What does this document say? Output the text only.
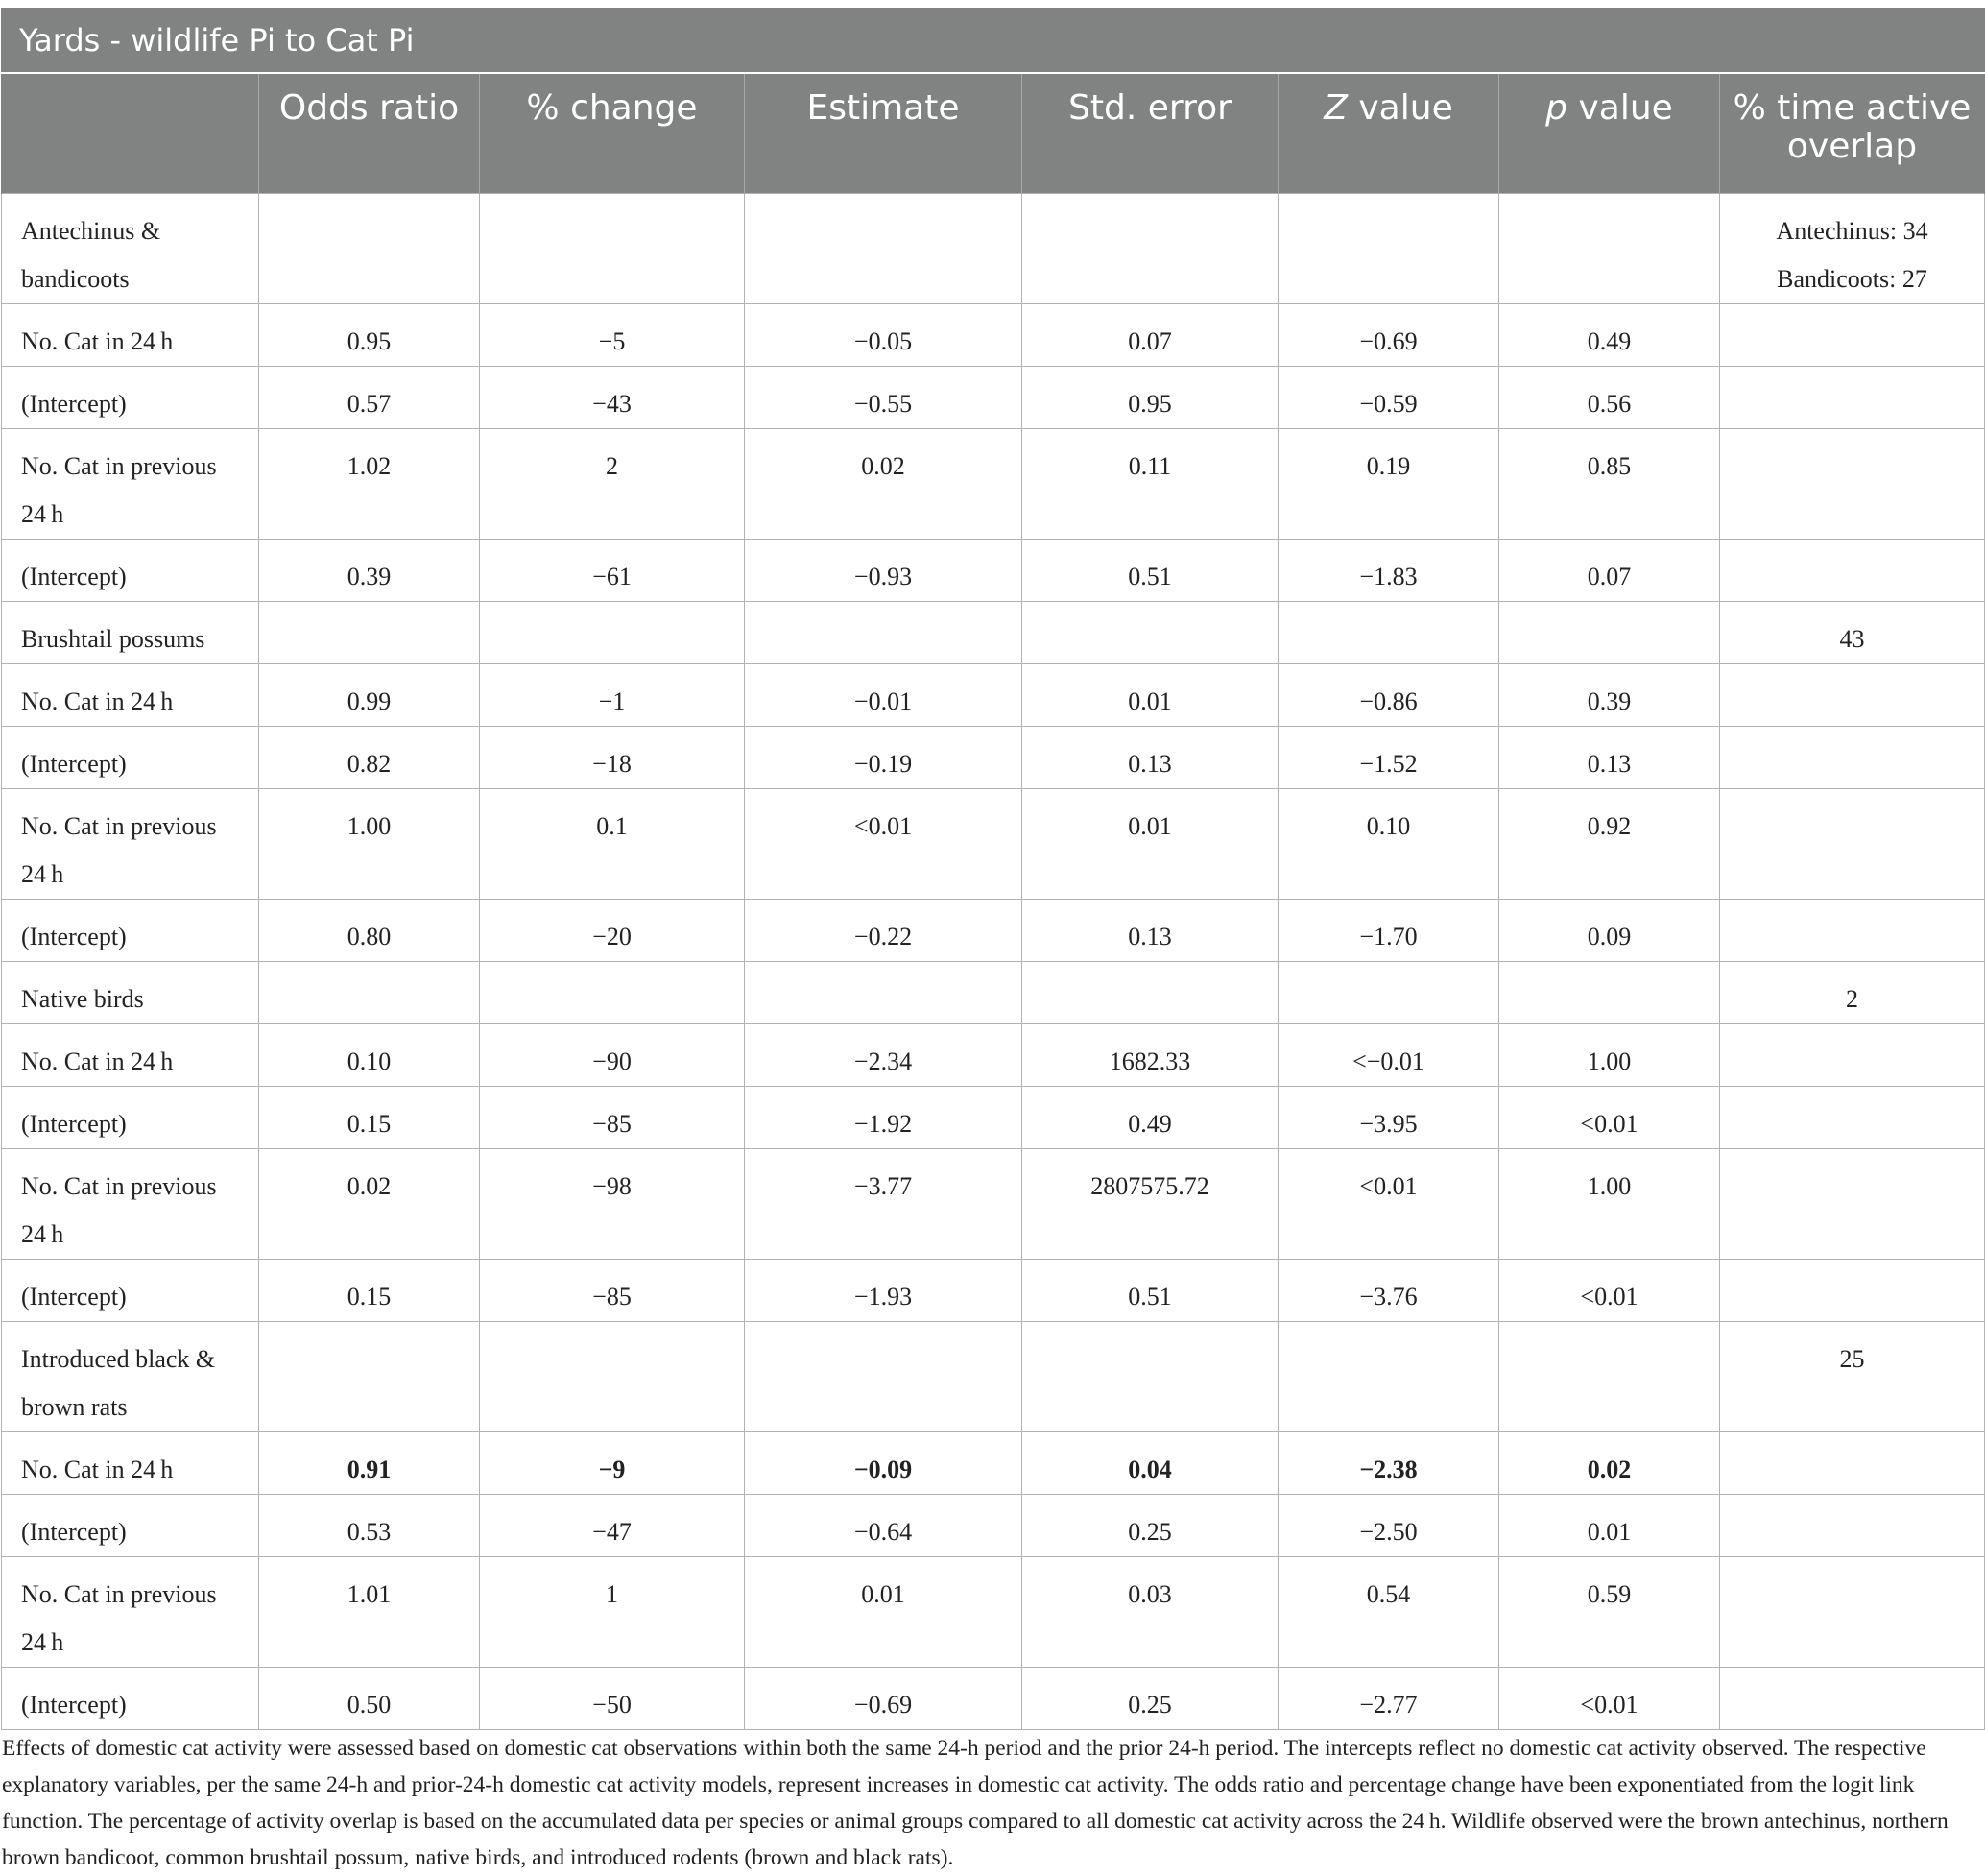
Yards - wildlife Pi to Cat Pi							
	Odds ratio	% change	Estimate	Std. error	Z value	p value	% time active overlap
Antechinus & bandicoots							Antechinus: 34
Bandicoots: 27

No. Cat in 24 h	0.95	−5	−0.05	0.07	−0.69	0.49	
(Intercept)	0.57	−43	−0.55	0.95	−0.59	0.56	
No. Cat in previous 24 h	1.02	2	0.02	0.11	0.19	0.85	
(Intercept)	0.39	−61	−0.93	0.51	−1.83	0.07	
Brushtail possums							43
No. Cat in 24 h	0.99	−1	−0.01	0.01	−0.86	0.39	
(Intercept)	0.82	−18	−0.19	0.13	−1.52	0.13	
No. Cat in previous 24 h	1.00	0.1	<0.01	0.01	0.10	0.92	
(Intercept)	0.80	−20	−0.22	0.13	−1.70	0.09	
Native birds							2
No. Cat in 24 h	0.10	−90	−2.34	1682.33	<−0.01	1.00	
(Intercept)	0.15	−85	−1.92	0.49	−3.95	<0.01	
No. Cat in previous 24 h	0.02	−98	−3.77	2807575.72	<0.01	1.00	
(Intercept)	0.15	−85	−1.93	0.51	−3.76	<0.01	
Introduced black & brown rats							25
No. Cat in 24 h	0.91	−9	−0.09	0.04	−2.38	0.02	
(Intercept)	0.53	−47	−0.64	0.25	−2.50	0.01	
No. Cat in previous 24 h	1.01	1	0.01	0.03	0.54	0.59	
(Intercept)	0.50	−50	−0.69	0.25	−2.77	<0.01	

Effects of domestic cat activity were assessed based on domestic cat observations within both the same 24-h period and the prior 24-h period. The intercepts reflect no domestic cat activity observed. The respective explanatory variables, per the same 24-h and prior-24-h domestic cat activity models, represent increases in domestic cat activity. The odds ratio and percentage change have been exponentiated from the logit link function. The percentage of activity overlap is based on the accumulated data per species or animal groups compared to all domestic cat activity across the 24 h. Wildlife observed were the brown antechinus, northern brown bandicoot, common brushtail possum, native birds, and introduced rodents (brown and black rats).
